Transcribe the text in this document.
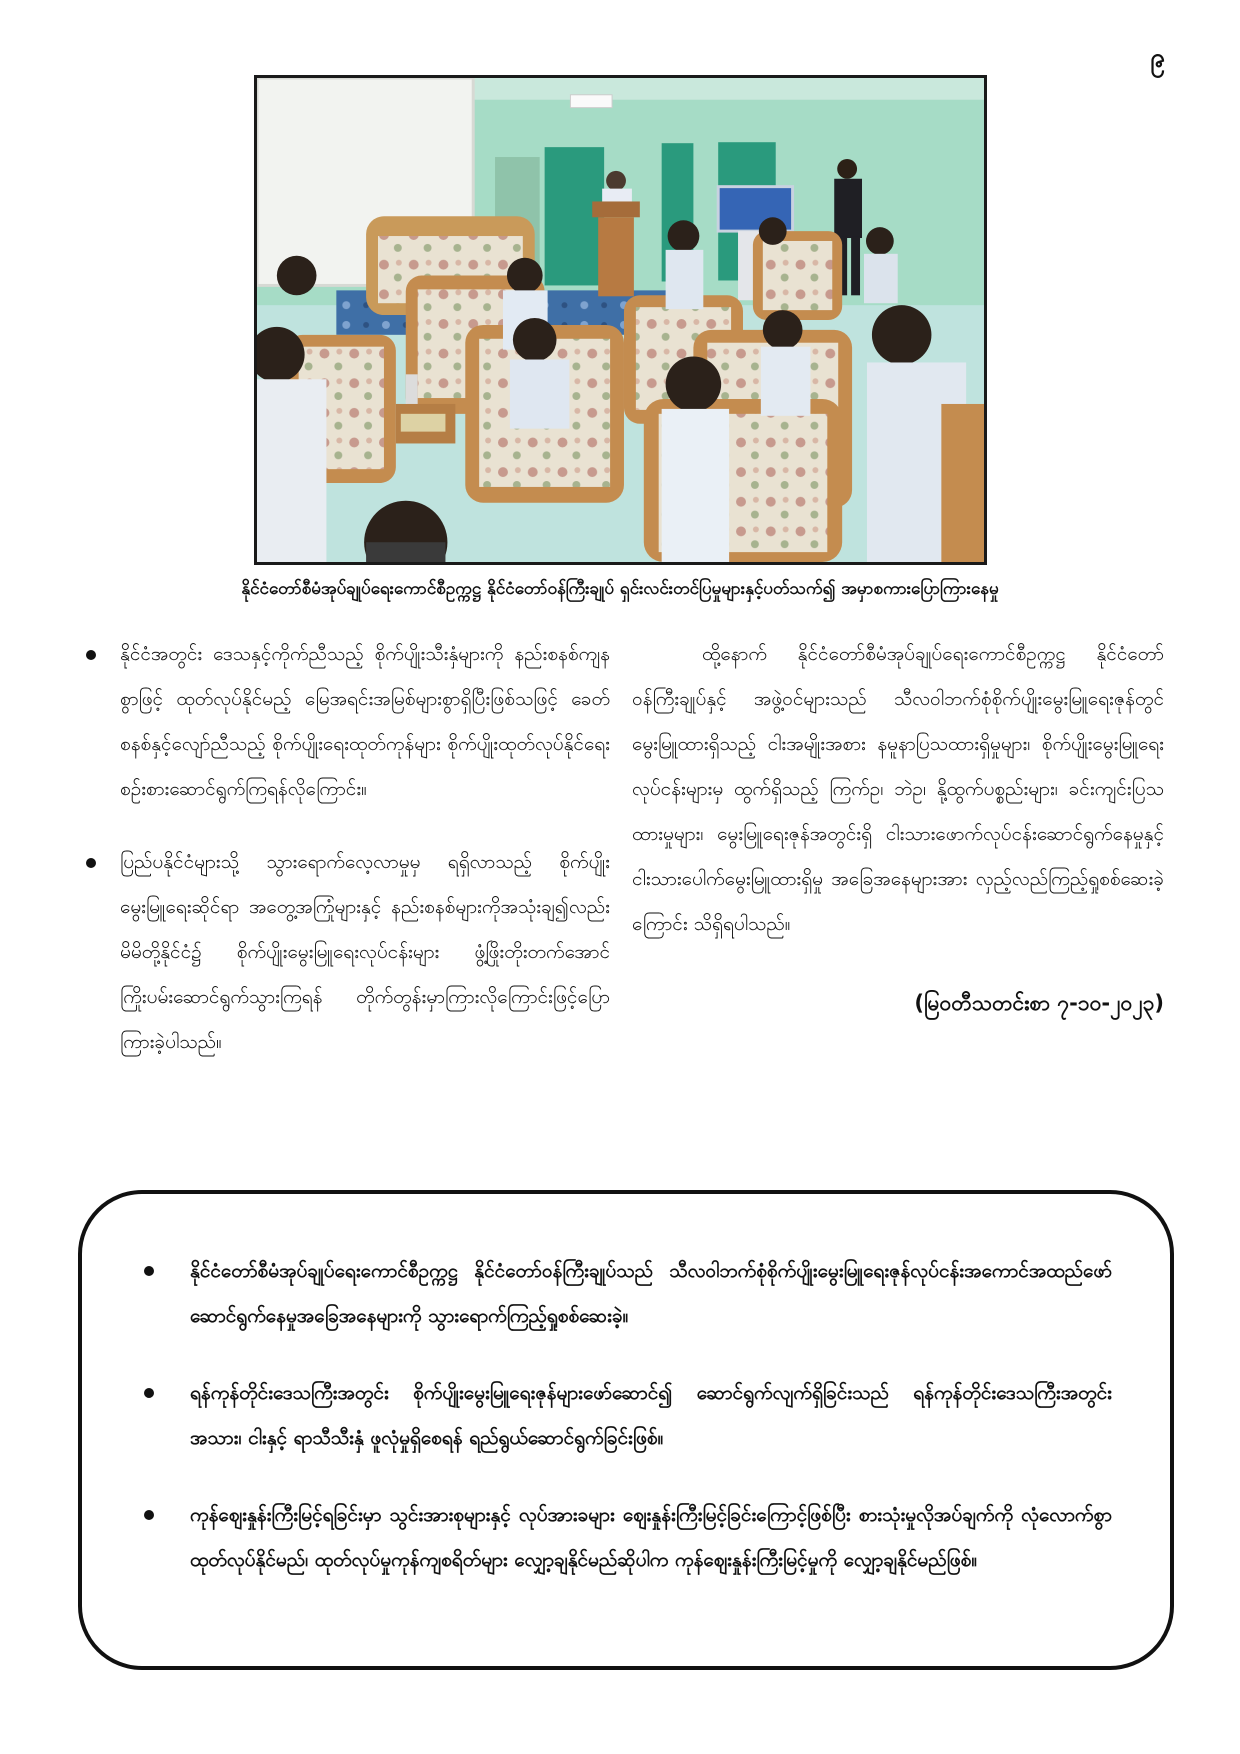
၉
နိုင်ငံတော်စီမံအုပ်ချုပ်ရေးကောင်စီဥက္ကဋ္ဌ နိုင်ငံတော်ဝန်ကြီးချုပ် ရှင်းလင်းတင်ပြမှုများနှင့်ပတ်သက်၍ အမှာစကားပြောကြားနေမှု

နိုင်ငံအတွင်း ဒေသနှင့်ကိုက်ညီသည့် စိုက်ပျိုးသီးနှံများကို နည်းစနစ်ကျနစွာဖြင့် ထုတ်လုပ်နိုင်မည့် မြေအရင်းအမြစ်များစွာရှိပြီးဖြစ်သဖြင့် ခေတ်စနစ်နှင့်လျော်ညီသည့် စိုက်ပျိုးရေးထုတ်ကုန်များ စိုက်ပျိုးထုတ်လုပ်နိုင်ရေး စဉ်းစားဆောင်ရွက်ကြရန်လိုကြောင်း။

ပြည်ပနိုင်ငံများသို့ သွားရောက်လေ့လာမှုမှ ရရှိလာသည့် စိုက်ပျိုးမွေးမြူရေးဆိုင်ရာ အတွေ့အကြုံများနှင့် နည်းစနစ်များကိုအသုံးချ၍လည်း မိမိတို့နိုင်ငံ၌ စိုက်ပျိုးမွေးမြူရေးလုပ်ငန်းများ ဖွံ့ဖြိုးတိုးတက်အောင် ကြိုးပမ်းဆောင်ရွက်သွားကြရန် တိုက်တွန်းမှာကြားလိုကြောင်းဖြင့်ပြောကြားခဲ့ပါသည်။

ထို့နောက် နိုင်ငံတော်စီမံအုပ်ချုပ်ရေးကောင်စီဥက္ကဋ္ဌ နိုင်ငံတော်ဝန်ကြီးချုပ်နှင့် အဖွဲ့ဝင်များသည် သီလဝါဘက်စုံစိုက်ပျိုးမွေးမြူရေးဇုန်တွင် မွေးမြူထားရှိသည့် ငါးအမျိုးအစား နမူနာပြသထားရှိမှုများ၊ စိုက်ပျိုးမွေးမြူရေးလုပ်ငန်းများမှ ထွက်ရှိသည့် ကြက်ဥ၊ ဘဲဥ၊ နို့ထွက်ပစ္စည်းများ၊ ခင်းကျင်းပြသထားမှုများ၊ မွေးမြူရေးဇုန်အတွင်းရှိ ငါးသားဖောက်လုပ်ငန်းဆောင်ရွက်နေမှုနှင့် ငါးသားပေါက်မွေးမြူထားရှိမှု အခြေအနေများအား လှည့်လည်ကြည့်ရှုစစ်ဆေးခဲ့ကြောင်း သိရှိရပါသည်။

(မြဝတီသတင်းစာ ၇-၁၀-၂၀၂၃)

နိုင်ငံတော်စီမံအုပ်ချုပ်ရေးကောင်စီဥက္ကဋ္ဌ နိုင်ငံတော်ဝန်ကြီးချုပ်သည် သီလဝါဘက်စုံစိုက်ပျိုးမွေးမြူရေးဇုန်လုပ်ငန်းအကောင်အထည်ဖော် ဆောင်ရွက်နေမှုအခြေအနေများကို သွားရောက်ကြည့်ရှုစစ်ဆေးခဲ့။

ရန်ကုန်တိုင်းဒေသကြီးအတွင်း စိုက်ပျိုးမွေးမြူရေးဇုန်များဖော်ဆောင်၍ ဆောင်ရွက်လျက်ရှိခြင်းသည် ရန်ကုန်တိုင်းဒေသကြီးအတွင်း အသား၊ ငါးနှင့် ရာသီသီးနှံ ဖူလုံမှုရှိစေရန် ရည်ရွယ်ဆောင်ရွက်ခြင်းဖြစ်။

ကုန်ဈေးနှုန်းကြီးမြင့်ရခြင်းမှာ သွင်းအားစုများနှင့် လုပ်အားခများ ဈေးနှုန်းကြီးမြင့်ခြင်းကြောင့်ဖြစ်ပြီး စားသုံးမှုလိုအပ်ချက်ကို လုံလောက်စွာထုတ်လုပ်နိုင်မည်၊ ထုတ်လုပ်မှုကုန်ကျစရိတ်များ လျှော့ချနိုင်မည်ဆိုပါက ကုန်ဈေးနှုန်းကြီးမြင့်မှုကို လျှော့ချနိုင်မည်ဖြစ်။
